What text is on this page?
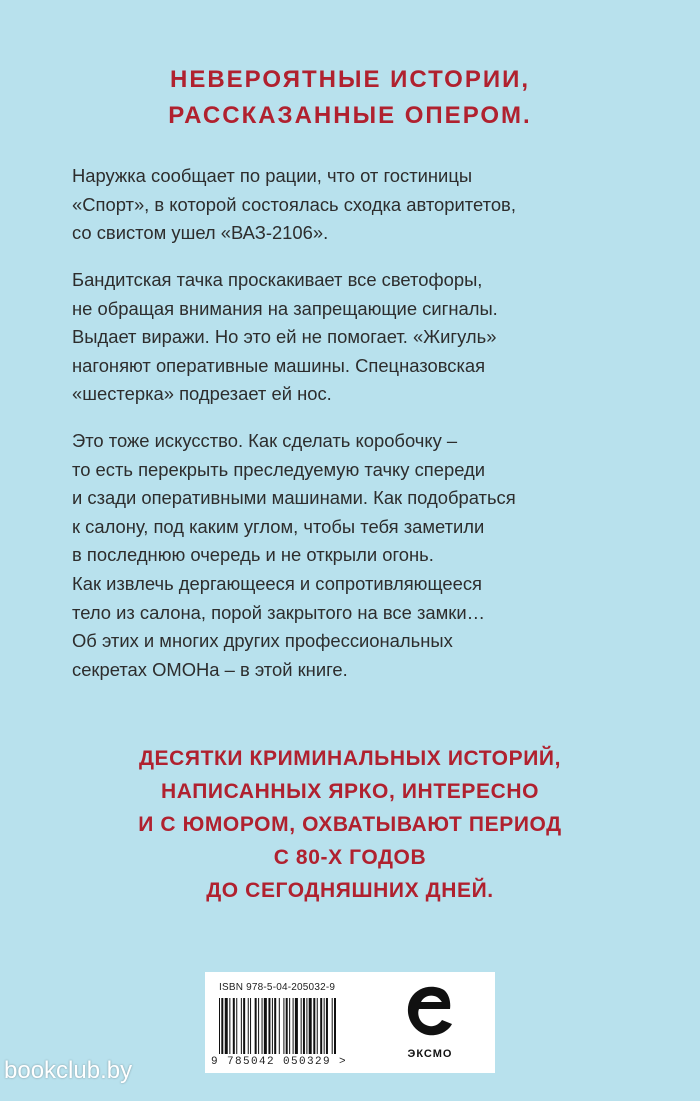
НЕВЕРОЯТНЫЕ ИСТОРИИ,
РАССКАЗАННЫЕ ОПЕРОМ.
Наружка сообщает по рации, что от гостиницы
«Спорт», в которой состоялась сходка авторитетов,
со свистом ушел «ВАЗ-2106».
Бандитская тачка проскакивает все светофоры,
не обращая внимания на запрещающие сигналы.
Выдает виражи. Но это ей не помогает. «Жигуль»
нагоняют оперативные машины. Спецназовская
«шестерка» подрезает ей нос.
Это тоже искусство. Как сделать коробочку –
то есть перекрыть преследуемую тачку спереди
и сзади оперативными машинами. Как подобраться
к салону, под каким углом, чтобы тебя заметили
в последнюю очередь и не открыли огонь.
Как извлечь дергающееся и сопротивляющееся
тело из салона, порой закрытого на все замки…
Об этих и многих других профессиональных
секретах ОМОНа – в этой книге.
ДЕСЯТКИ КРИМИНАЛЬНЫХ ИСТОРИЙ,
НАПИСАННЫХ ЯРКО, ИНТЕРЕСНО
И С ЮМОРОМ, ОХВАТЫВАЮТ ПЕРИОД
С 80-Х ГОДОВ
ДО СЕГОДНЯШНИХ ДНЕЙ.
ISBN 978-5-04-205032-9
9 785042 050329 >
ЭКСМО
bookclub.by
